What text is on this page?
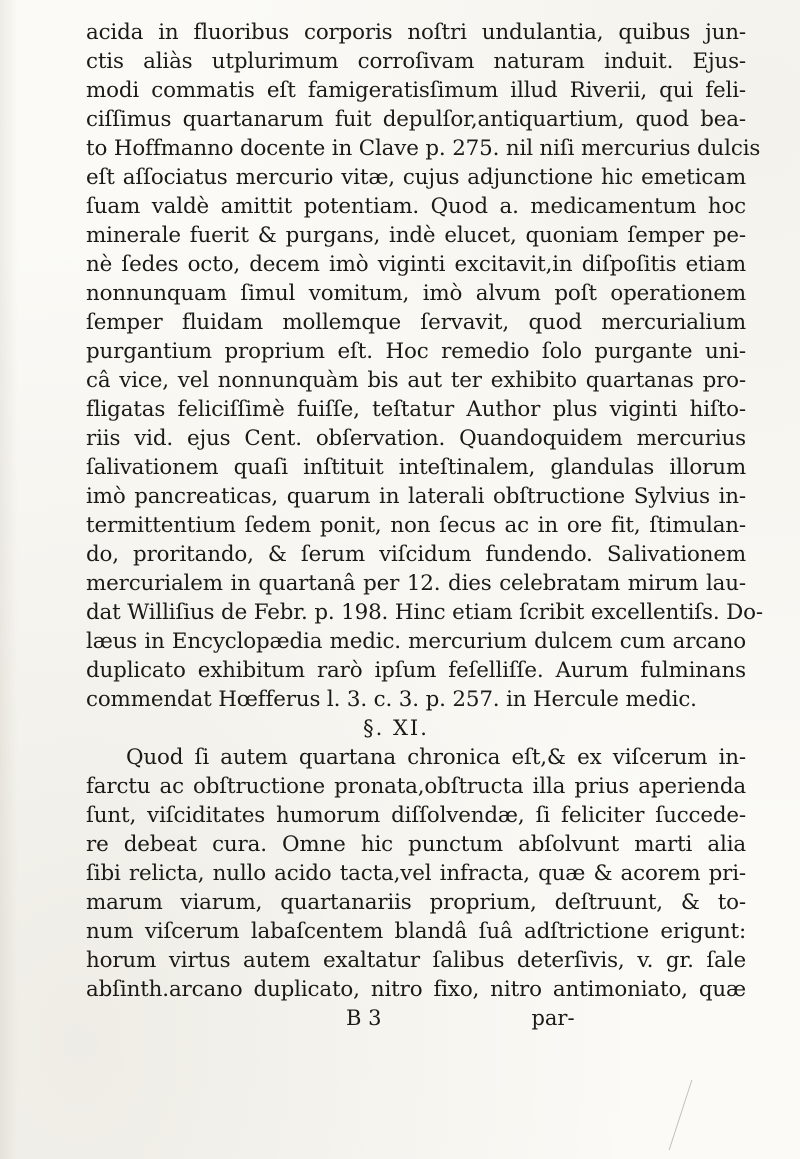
acida in fluoribus corporis noſtri undulantia, quibus jun-
ctis aliàs utplurimum corroſivam naturam induit. Ejus-
modi commatis eſt famigeratisſimum illud Riverii, qui feli-
ciſſimus quartanarum fuit depulſor,antiquartium, quod bea-
to Hoffmanno docente in Clave p. 275. nil niſi mercurius dulcis
eſt aſſociatus mercurio vitæ, cujus adjunctione hic emeticam
ſuam valdè amittit potentiam. Quod a. medicamentum hoc
minerale fuerit & purgans, indè elucet, quoniam ſemper pe-
nè ſedes octo, decem imò viginti excitavit,in diſpoſitis etiam
nonnunquam ſimul vomitum, imò alvum poſt operationem
ſemper fluidam mollemque ſervavit, quod mercurialium
purgantium proprium eſt. Hoc remedio ſolo purgante uni-
câ vice, vel nonnunquàm bis aut ter exhibito quartanas pro-
fligatas feliciſſimè fuiſſe, teſtatur Author plus viginti hiſto-
riis vid. ejus Cent. obſervation. Quandoquidem mercurius
ſalivationem quaſi inſtituit inteſtinalem, glandulas illorum
imò pancreaticas, quarum in laterali obſtructione Sylvius in-
termittentium ſedem ponit, non ſecus ac in ore fit, ſtimulan-
do, proritando, & ſerum viſcidum fundendo. Salivationem
mercurialem in quartanâ per 12. dies celebratam mirum lau-
dat Williſius de Febr. p. 198. Hinc etiam ſcribit excellentiſs. Do-
læus in Encyclopædia medic. mercurium dulcem cum arcano
duplicato exhibitum rarò ipſum feſelliſſe. Aurum fulminans
commendat Hœfferus l. 3. c. 3. p. 257. in Hercule medic.
§. XI.
Quod ſi autem quartana chronica eſt,& ex viſcerum in-
farctu ac obſtructione pronata,obſtructa illa prius aperienda
ſunt, viſciditates humorum diſſolvendæ, ſi feliciter ſuccede-
re debeat cura. Omne hic punctum abſolvunt marti alia
ſibi relicta, nullo acido tacta,vel infracta, quæ & acorem pri-
marum viarum, quartanariis proprium, deſtruunt, & to-
num viſcerum labaſcentem blandâ ſuâ adſtrictione erigunt:
horum virtus autem exaltatur ſalibus deterſivis, v. gr. ſale
abſinth.arcano duplicato, nitro fixo, nitro antimoniato, quæ
B 3	par-
